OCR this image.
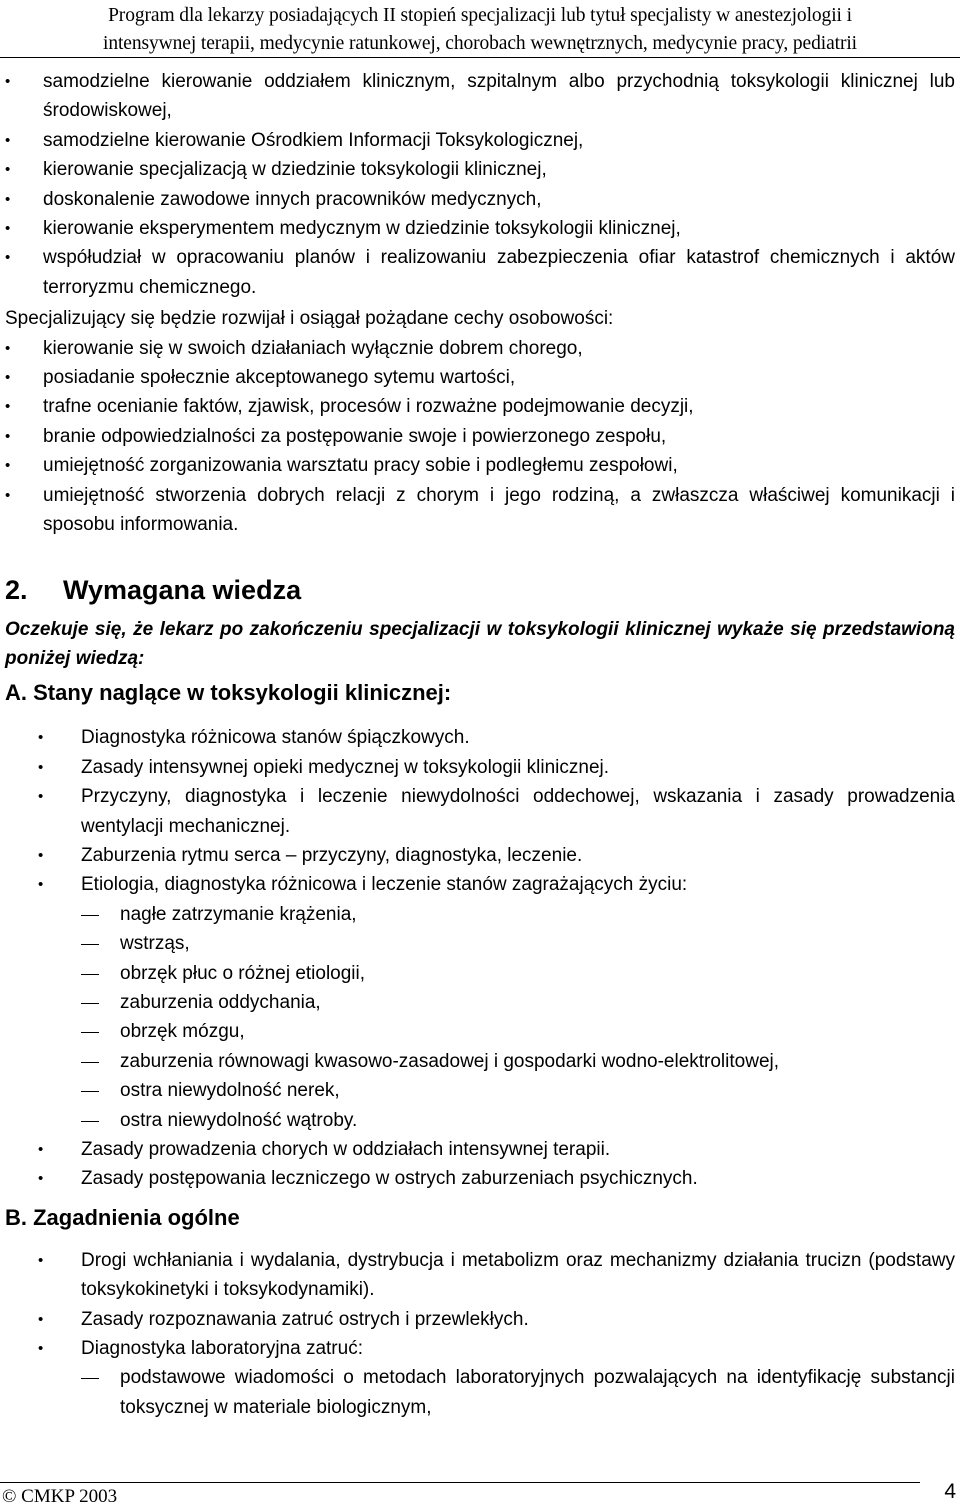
Program dla lekarzy posiadających II stopień specjalizacji lub tytuł specjalisty w anestezjologii i
intensywnej terapii, medycynie ratunkowej, chorobach wewnętrznych, medycynie pracy, pediatrii
• samodzielne kierowanie oddziałem klinicznym, szpitalnym albo przychodnią toksykologii klinicznej lub środowiskowej,
• samodzielne kierowanie Ośrodkiem Informacji Toksykologicznej,
• kierowanie specjalizacją w dziedzinie toksykologii klinicznej,
• doskonalenie zawodowe innych pracowników medycznych,
• kierowanie eksperymentem medycznym w dziedzinie toksykologii klinicznej,
• współudział w opracowaniu planów i realizowaniu zabezpieczenia ofiar katastrof chemicznych i aktów terroryzmu chemicznego.

Specjalizujący się będzie rozwijał i osiągał pożądane cechy osobowości:

• kierowanie się w swoich działaniach wyłącznie dobrem chorego,
• posiadanie społecznie akceptowanego sytemu wartości,
• trafne ocenianie faktów, zjawisk, procesów i rozważne podejmowanie decyzji,
• branie odpowiedzialności za postępowanie swoje i powierzonego zespołu,
• umiejętność zorganizowania warsztatu pracy sobie i podległemu zespołowi,
• umiejętność stworzenia dobrych relacji z chorym i jego rodziną, a zwłaszcza właściwej komunikacji i sposobu informowania.
2. Wymagana wiedza
Oczekuje się, że lekarz po zakończeniu specjalizacji w toksykologii klinicznej wykaże się przedstawioną poniżej wiedzą:
A. Stany naglące w toksykologii klinicznej:
• Diagnostyka różnicowa stanów śpiączkowych.
• Zasady intensywnej opieki medycznej w toksykologii klinicznej.
• Przyczyny, diagnostyka i leczenie niewydolności oddechowej, wskazania i zasady prowadzenia wentylacji mechanicznej.
• Zaburzenia rytmu serca – przyczyny, diagnostyka, leczenie.
• Etiologia, diagnostyka różnicowa i leczenie stanów zagrażających życiu:
nagłe zatrzymanie krążenia,
wstrząs,
obrzęk płuc o różnej etiologii,
zaburzenia oddychania,
obrzęk mózgu,
zaburzenia równowagi kwasowo-zasadowej i gospodarki wodno-elektrolitowej,
ostra niewydolność nerek,
ostra niewydolność wątroby.
• Zasady prowadzenia chorych w oddziałach intensywnej terapii.
• Zasady postępowania leczniczego w ostrych zaburzeniach psychicznych.
B. Zagadnienia ogólne
• Drogi wchłaniania i wydalania, dystrybucja i metabolizm oraz mechanizmy działania trucizn (podstawy toksykokinetyki i toksykodynamiki).
• Zasady rozpoznawania zatruć ostrych i przewlekłych.
• Diagnostyka laboratoryjna zatruć:
podstawowe wiadomości o metodach laboratoryjnych pozwalających na identyfikację substancji toksycznej w materiale biologicznym,
© CMKP 2003	4
